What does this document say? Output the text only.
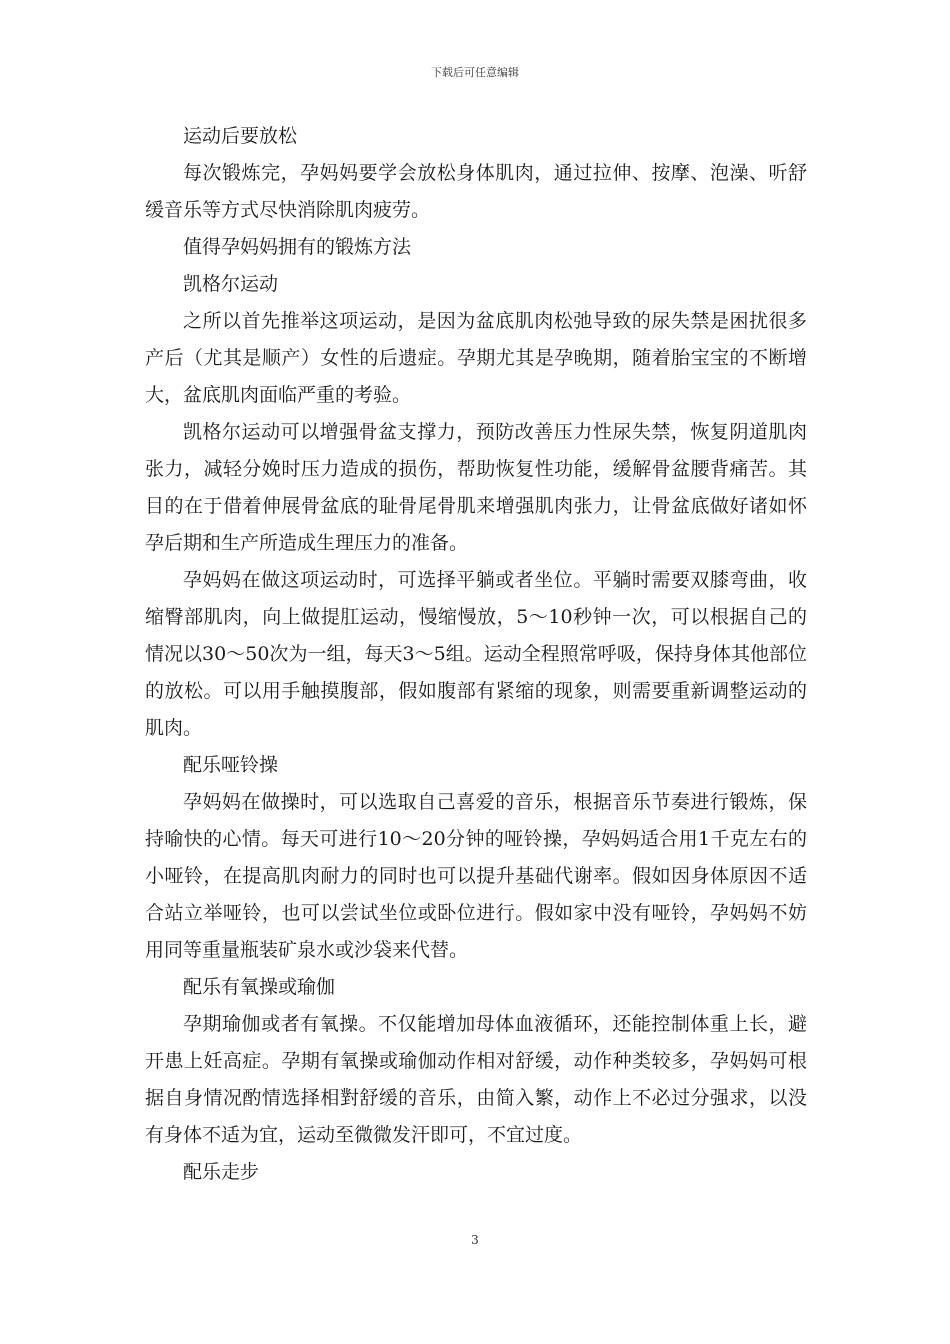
下载后可任意编辑

运动后要放松

每次锻炼完，孕妈妈要学会放松身体肌肉，通过拉伸、按摩、泡澡、听舒缓音乐等方式尽快消除肌肉疲劳。

值得孕妈妈拥有的锻炼方法

凯格尔运动

之所以首先推举这项运动，是因为盆底肌肉松弛导致的尿失禁是困扰很多产后（尤其是顺产）女性的后遗症。孕期尤其是孕晚期，随着胎宝宝的不断增大，盆底肌肉面临严重的考验。

凯格尔运动可以增强骨盆支撑力，预防改善压力性尿失禁，恢复阴道肌肉张力，减轻分娩时压力造成的损伤，帮助恢复性功能，缓解骨盆腰背痛苦。其目的在于借着伸展骨盆底的耻骨尾骨肌来增强肌肉张力，让骨盆底做好诸如怀孕后期和生产所造成生理压力的准备。

孕妈妈在做这项运动时，可选择平躺或者坐位。平躺时需要双膝弯曲，收缩臀部肌肉，向上做提肛运动，慢缩慢放，5～10秒钟一次，可以根据自己的情况以30～50次为一组，每天3～5组。运动全程照常呼吸，保持身体其他部位的放松。可以用手触摸腹部，假如腹部有紧缩的现象，则需要重新调整运动的肌肉。

配乐哑铃操

孕妈妈在做操时，可以选取自己喜爱的音乐，根据音乐节奏进行锻炼，保持喻快的心情。每天可进行10～20分钟的哑铃操，孕妈妈适合用1千克左右的小哑铃，在提高肌肉耐力的同时也可以提升基础代谢率。假如因身体原因不适合站立举哑铃，也可以尝试坐位或卧位进行。假如家中没有哑铃，孕妈妈不妨用同等重量瓶装矿泉水或沙袋来代替。

配乐有氧操或瑜伽

孕期瑜伽或者有氧操。不仅能增加母体血液循环，还能控制体重上长，避开患上妊高症。孕期有氧操或瑜伽动作相对舒缓，动作种类较多，孕妈妈可根据自身情况酌情选择相對舒缓的音乐，由简入繁，动作上不必过分强求，以没有身体不适为宜，运动至微微发汗即可，不宜过度。

配乐走步

3
